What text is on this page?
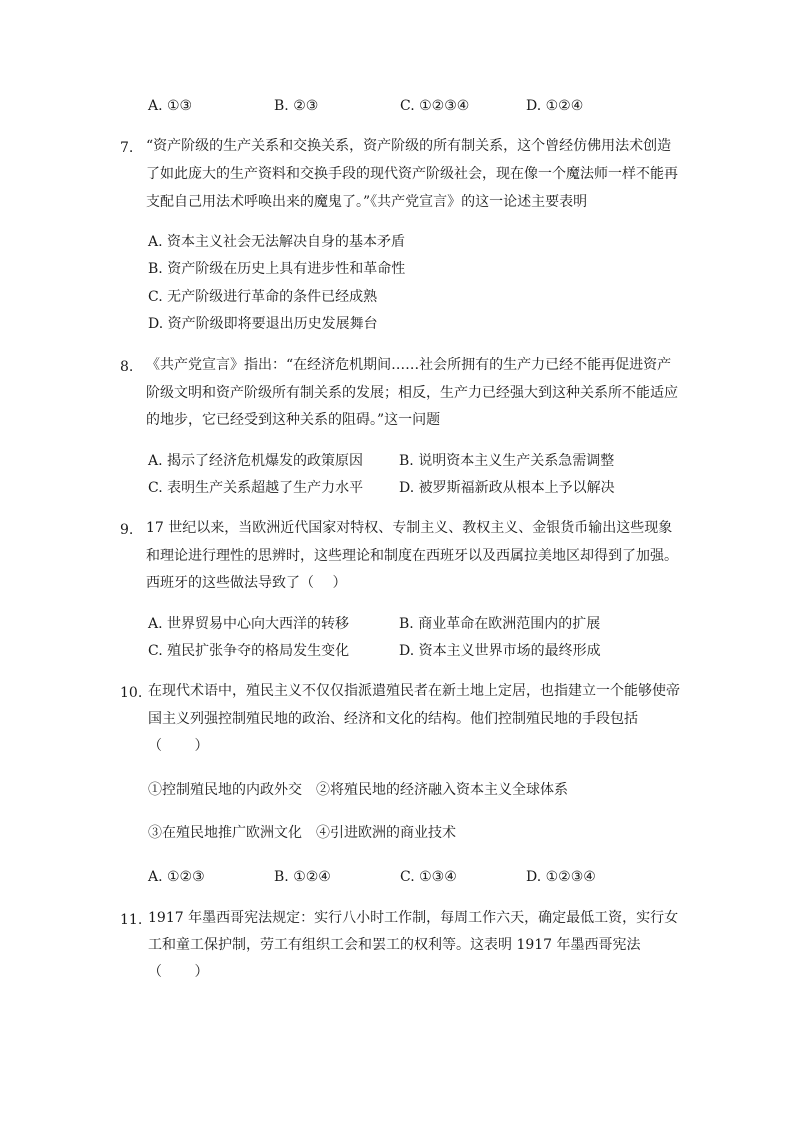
A. ①③	B. ②③	C. ①②③④	D. ①②④
7. “资产阶级的生产关系和交换关系，资产阶级的所有制关系，这个曾经仿佛用法术创造
了如此庞大的生产资料和交换手段的现代资产阶级社会，现在像一个魔法师一样不能再
支配自己用法术呼唤出来的魔鬼了。”《共产党宣言》的这一论述主要表明
A. 资本主义社会无法解决自身的基本矛盾
B. 资产阶级在历史上具有进步性和革命性
C. 无产阶级进行革命的条件已经成熟
D. 资产阶级即将要退出历史发展舞台
8. 《共产党宣言》指出：“在经济危机期间……社会所拥有的生产力已经不能再促进资产
阶级文明和资产阶级所有制关系的发展；相反，生产力已经强大到这种关系所不能适应
的地步，它已经受到这种关系的阻碍。”这一问题
A. 揭示了经济危机爆发的政策原因	B. 说明资本主义生产关系急需调整
C. 表明生产关系超越了生产力水平	D. 被罗斯福新政从根本上予以解决
9. 17 世纪以来，当欧洲近代国家对特权、专制主义、教权主义、金银货币输出这些现象
和理论进行理性的思辨时，这些理论和制度在西班牙以及西属拉美地区却得到了加强。
西班牙的这些做法导致了（　 ）
A. 世界贸易中心向大西洋的转移	B. 商业革命在欧洲范围内的扩展
C. 殖民扩张争夺的格局发生变化	D. 资本主义世界市场的最终形成
10. 在现代术语中，殖民主义不仅仅指派遣殖民者在新土地上定居，也指建立一个能够使帝
国主义列强控制殖民地的政治、经济和文化的结构。他们控制殖民地的手段包括
（　　 ）
①控制殖民地的内政外交　②将殖民地的经济融入资本主义全球体系
③在殖民地推广欧洲文化　④引进欧洲的商业技术
A. ①②③	B. ①②④	C. ①③④	D. ①②③④
11. 1917 年墨西哥宪法规定：实行八小时工作制，每周工作六天，确定最低工资，实行女
工和童工保护制，劳工有组织工会和罢工的权利等。这表明 1917 年墨西哥宪法
（　　 ）
